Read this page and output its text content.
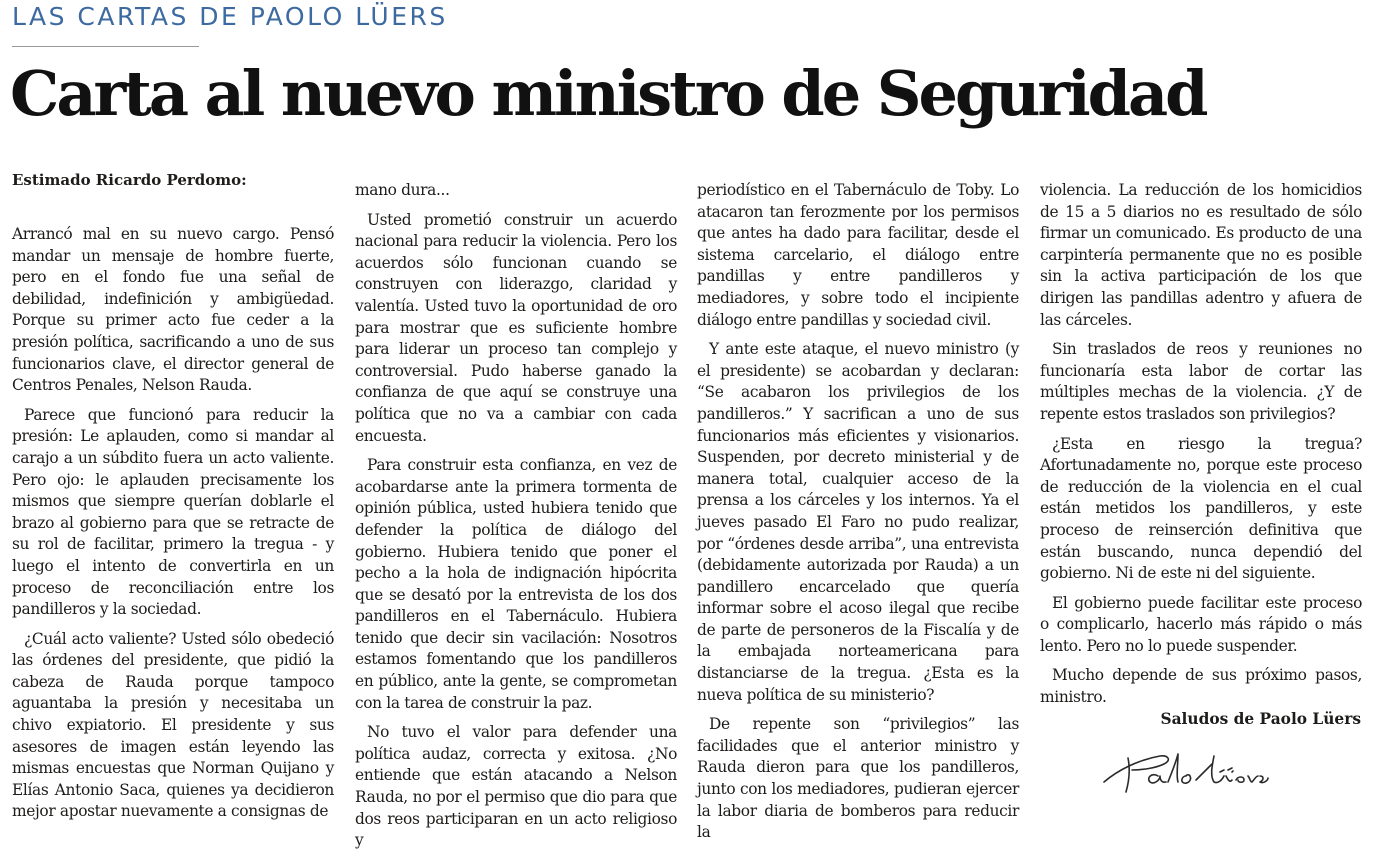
LAS CARTAS DE PAOLO LÜERS
Carta al nuevo ministro de Seguridad
Estimado Ricardo Perdomo:

Arrancó mal en su nuevo cargo. Pensó mandar un mensaje de hombre fuerte, pero en el fondo fue una señal de debilidad, indefinición y ambigüedad. Porque su primer acto fue ceder a la presión política, sacrificando a uno de sus funcionarios clave, el director general de Centros Penales, Nelson Rauda.

Parece que funcionó para reducir la presión: Le aplauden, como si mandar al carajo a un súbdito fuera un acto valiente. Pero ojo: le aplauden precisamente los mismos que siempre querían doblarle el brazo al gobierno para que se retracte de su rol de facilitar, primero la tregua - y luego el intento de convertirla en un proceso de reconciliación entre los pandilleros y la sociedad.

¿Cuál acto valiente? Usted sólo obedeció las órdenes del presidente, que pidió la cabeza de Rauda porque tampoco aguantaba la presión y necesitaba un chivo expiatorio. El presidente y sus asesores de imagen están leyendo las mismas encuestas que Norman Quijano y Elías Antonio Saca, quienes ya decidieron mejor apostar nuevamente a consignas de

mano dura...

Usted prometió construir un acuerdo nacional para reducir la violencia. Pero los acuerdos sólo funcionan cuando se construyen con liderazgo, claridad y valentía. Usted tuvo la oportunidad de oro para mostrar que es suficiente hombre para liderar un proceso tan complejo y controversial. Pudo haberse ganado la confianza de que aquí se construye una política que no va a cambiar con cada encuesta.

Para construir esta confianza, en vez de acobardarse ante la primera tormenta de opinión pública, usted hubiera tenido que defender la política de diálogo del gobierno. Hubiera tenido que poner el pecho a la hola de indignación hipócrita que se desató por la entrevista de los dos pandilleros en el Tabernáculo. Hubiera tenido que decir sin vacilación: Nosotros estamos fomentando que los pandilleros en público, ante la gente, se comprometan con la tarea de construir la paz.

No tuvo el valor para defender una política audaz, correcta y exitosa. ¿No entiende que están atacando a Nelson Rauda, no por el permiso que dio para que dos reos participaran en un acto religioso y

periodístico en el Tabernáculo de Toby. Lo atacaron tan ferozmente por los permisos que antes ha dado para facilitar, desde el sistema carcelario, el diálogo entre pandillas y entre pandilleros y mediadores, y sobre todo el incipiente diálogo entre pandillas y sociedad civil.

Y ante este ataque, el nuevo ministro (y el presidente) se acobardan y declaran: “Se acabaron los privilegios de los pandilleros.” Y sacrifican a uno de sus funcionarios más eficientes y visionarios. Suspenden, por decreto ministerial y de manera total, cualquier acceso de la prensa a los cárceles y los internos. Ya el jueves pasado El Faro no pudo realizar, por “órdenes desde arriba”, una entrevista (debidamente autorizada por Rauda) a un pandillero encarcelado que quería informar sobre el acoso ilegal que recibe de parte de personeros de la Fiscalía y de la embajada norteamericana para distanciarse de la tregua. ¿Esta es la nueva política de su ministerio?

De repente son “privilegios” las facilidades que el anterior ministro y Rauda dieron para que los pandilleros, junto con los mediadores, pudieran ejercer la labor diaria de bomberos para reducir la

violencia. La reducción de los homicidios de 15 a 5 diarios no es resultado de sólo firmar un comunicado. Es producto de una carpintería permanente que no es posible sin la activa participación de los que dirigen las pandillas adentro y afuera de las cárceles.

Sin traslados de reos y reuniones no funcionaría esta labor de cortar las múltiples mechas de la violencia. ¿Y de repente estos traslados son privilegios?

¿Esta en riesgo la tregua? Afortunadamente no, porque este proceso de reducción de la violencia en el cual están metidos los pandilleros, y este proceso de reinserción definitiva que están buscando, nunca dependió del gobierno. Ni de este ni del siguiente.

El gobierno puede facilitar este proceso o complicarlo, hacerlo más rápido o más lento. Pero no lo puede suspender.

Mucho depende de sus próximo pasos, ministro.

Saludos de Paolo Lüers
